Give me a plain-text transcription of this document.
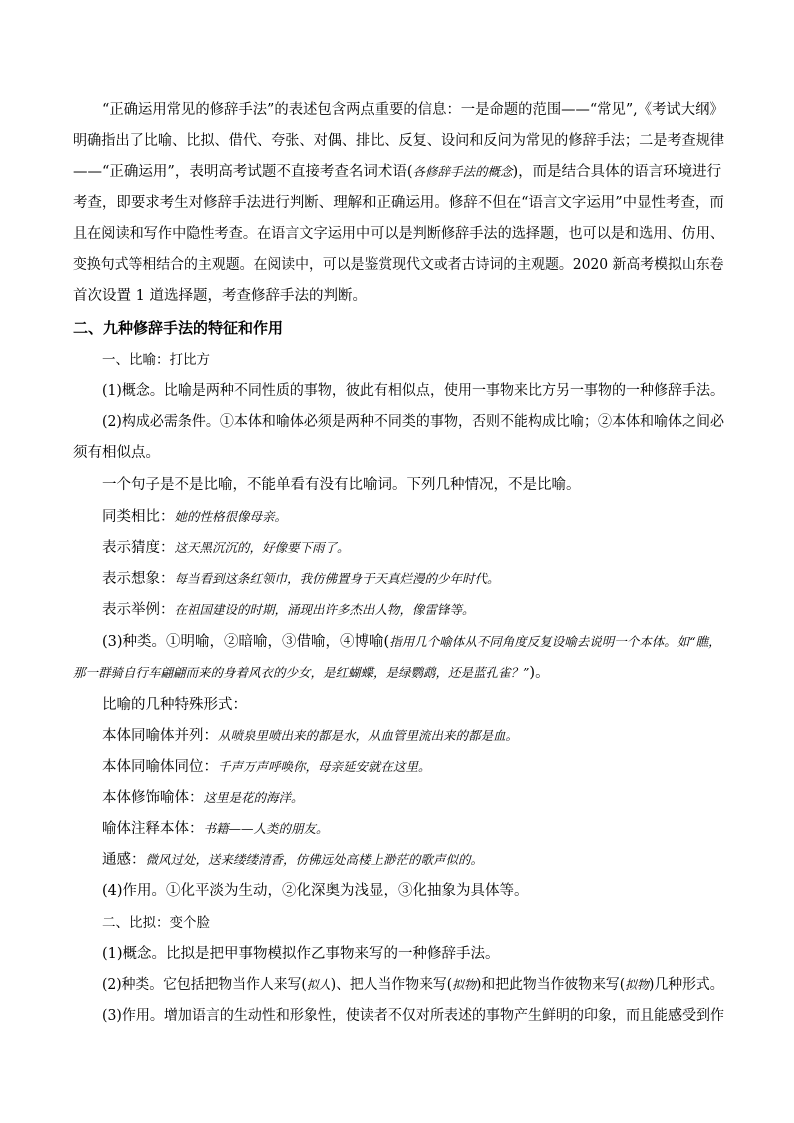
“正确运用常见的修辞手法”的表述包含两点重要的信息：一是命题的范围——“常见”,《考试大纲》
明确指出了比喻、比拟、借代、夸张、对偶、排比、反复、设问和反问为常见的修辞手法；二是考查规律
——“正确运用”，表明高考试题不直接考查名词术语(各修辞手法的概念)，而是结合具体的语言环境进行
考查，即要求考生对修辞手法进行判断、理解和正确运用。修辞不但在“语言文字运用”中显性考查，而
且在阅读和写作中隐性考查。在语言文字运用中可以是判断修辞手法的选择题，也可以是和选用、仿用、
变换句式等相结合的主观题。在阅读中，可以是鉴赏现代文或者古诗词的主观题。2020 新高考模拟山东卷
首次设置 1 道选择题，考查修辞手法的判断。
二、九种修辞手法的特征和作用
一、比喻：打比方
(1)概念。比喻是两种不同性质的事物，彼此有相似点，使用一事物来比方另一事物的一种修辞手法。
(2)构成必需条件。①本体和喻体必须是两种不同类的事物，否则不能构成比喻；②本体和喻体之间必
须有相似点。
一个句子是不是比喻，不能单看有没有比喻词。下列几种情况，不是比喻。
同类相比：她的性格很像母亲。
表示猜度：这天黑沉沉的，好像要下雨了。
表示想象：每当看到这条红领巾，我仿佛置身于天真烂漫的少年时代。
表示举例：在祖国建设的时期，涌现出许多杰出人物，像雷锋等。
(3)种类。①明喻，②暗喻，③借喻，④博喻(指用几个喻体从不同角度反复设喻去说明一个本体。如“瞧，
那一群骑自行车翩翩而来的身着风衣的少女，是红蝴蝶，是绿鹦鹉，还是蓝孔雀？”)。
比喻的几种特殊形式：
本体同喻体并列：从喷泉里喷出来的都是水，从血管里流出来的都是血。
本体同喻体同位：千声万声呼唤你，母亲延安就在这里。
本体修饰喻体：这里是花的海洋。
喻体注释本体：书籍——人类的朋友。
通感：微风过处，送来缕缕清香，仿佛远处高楼上渺茫的歌声似的。
(4)作用。①化平淡为生动，②化深奥为浅显，③化抽象为具体等。
二、比拟：变个脸
(1)概念。比拟是把甲事物模拟作乙事物来写的一种修辞手法。
(2)种类。它包括把物当作人来写(拟人)、把人当作物来写(拟物)和把此物当作彼物来写(拟物)几种形式。
(3)作用。增加语言的生动性和形象性，使读者不仅对所表述的事物产生鲜明的印象，而且能感受到作
